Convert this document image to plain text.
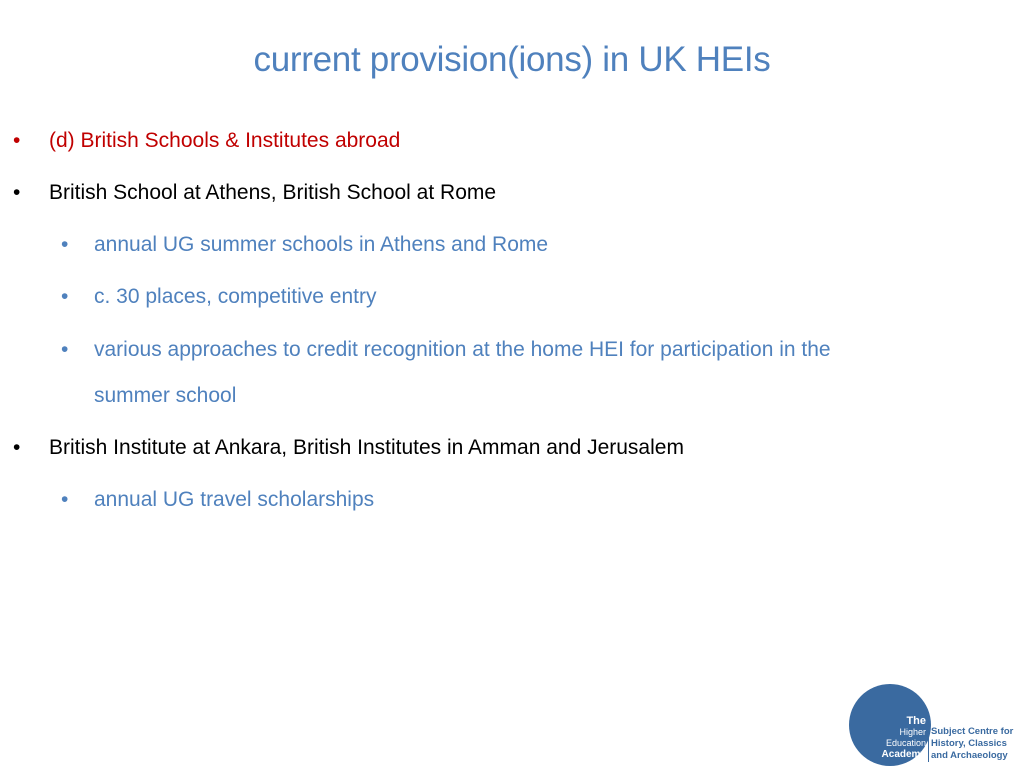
current provision(ions) in UK HEIs
• (d) British Schools & Institutes abroad
• British School at Athens, British School at Rome
• annual UG summer schools in Athens and Rome
• c. 30 places, competitive entry
• various approaches to credit recognition at the home HEI for participation in the
summer school
• British Institute at Ankara, British Institutes in Amman and Jerusalem
• annual UG travel scholarships
The
Higher
Education
Academy
Subject Centre for
History, Classics
and Archaeology
